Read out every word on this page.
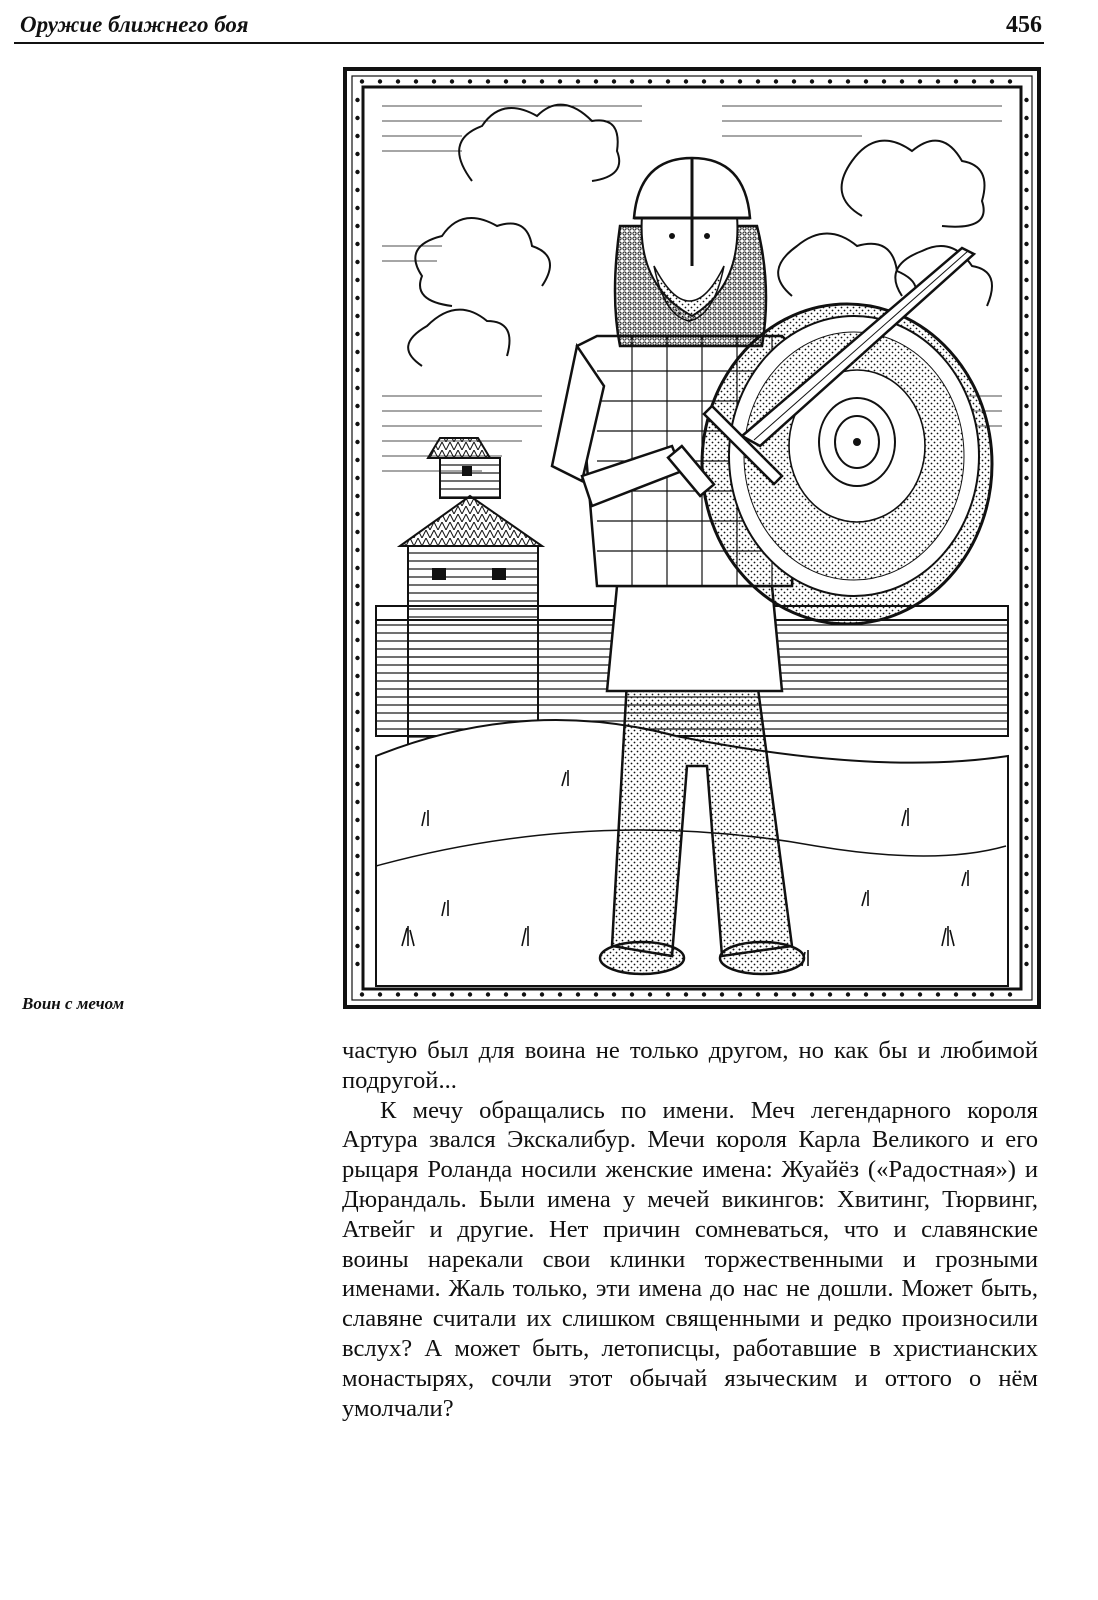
Оружие ближнего боя	456
Воин с мечом

частую был для воина не только другом, но как бы и любимой подругой...

К мечу обращались по имени. Меч легендарного короля Артура звался Экскалибур. Мечи короля Карла Великого и его рыцаря Роланда носили женские имена: Жуайёз («Радостная») и Дюрандаль. Были имена у мечей викингов: Хвитинг, Тюрвинг, Атвейг и другие. Нет причин сомневаться, что и славянские воины нарекали свои клинки торжественными и грозными именами. Жаль только, эти имена до нас не дошли. Может быть, славяне считали их слишком священными и редко произносили вслух? А может быть, летописцы, работавшие в христианских монастырях, сочли этот обычай языческим и оттого о нём умолчали?
